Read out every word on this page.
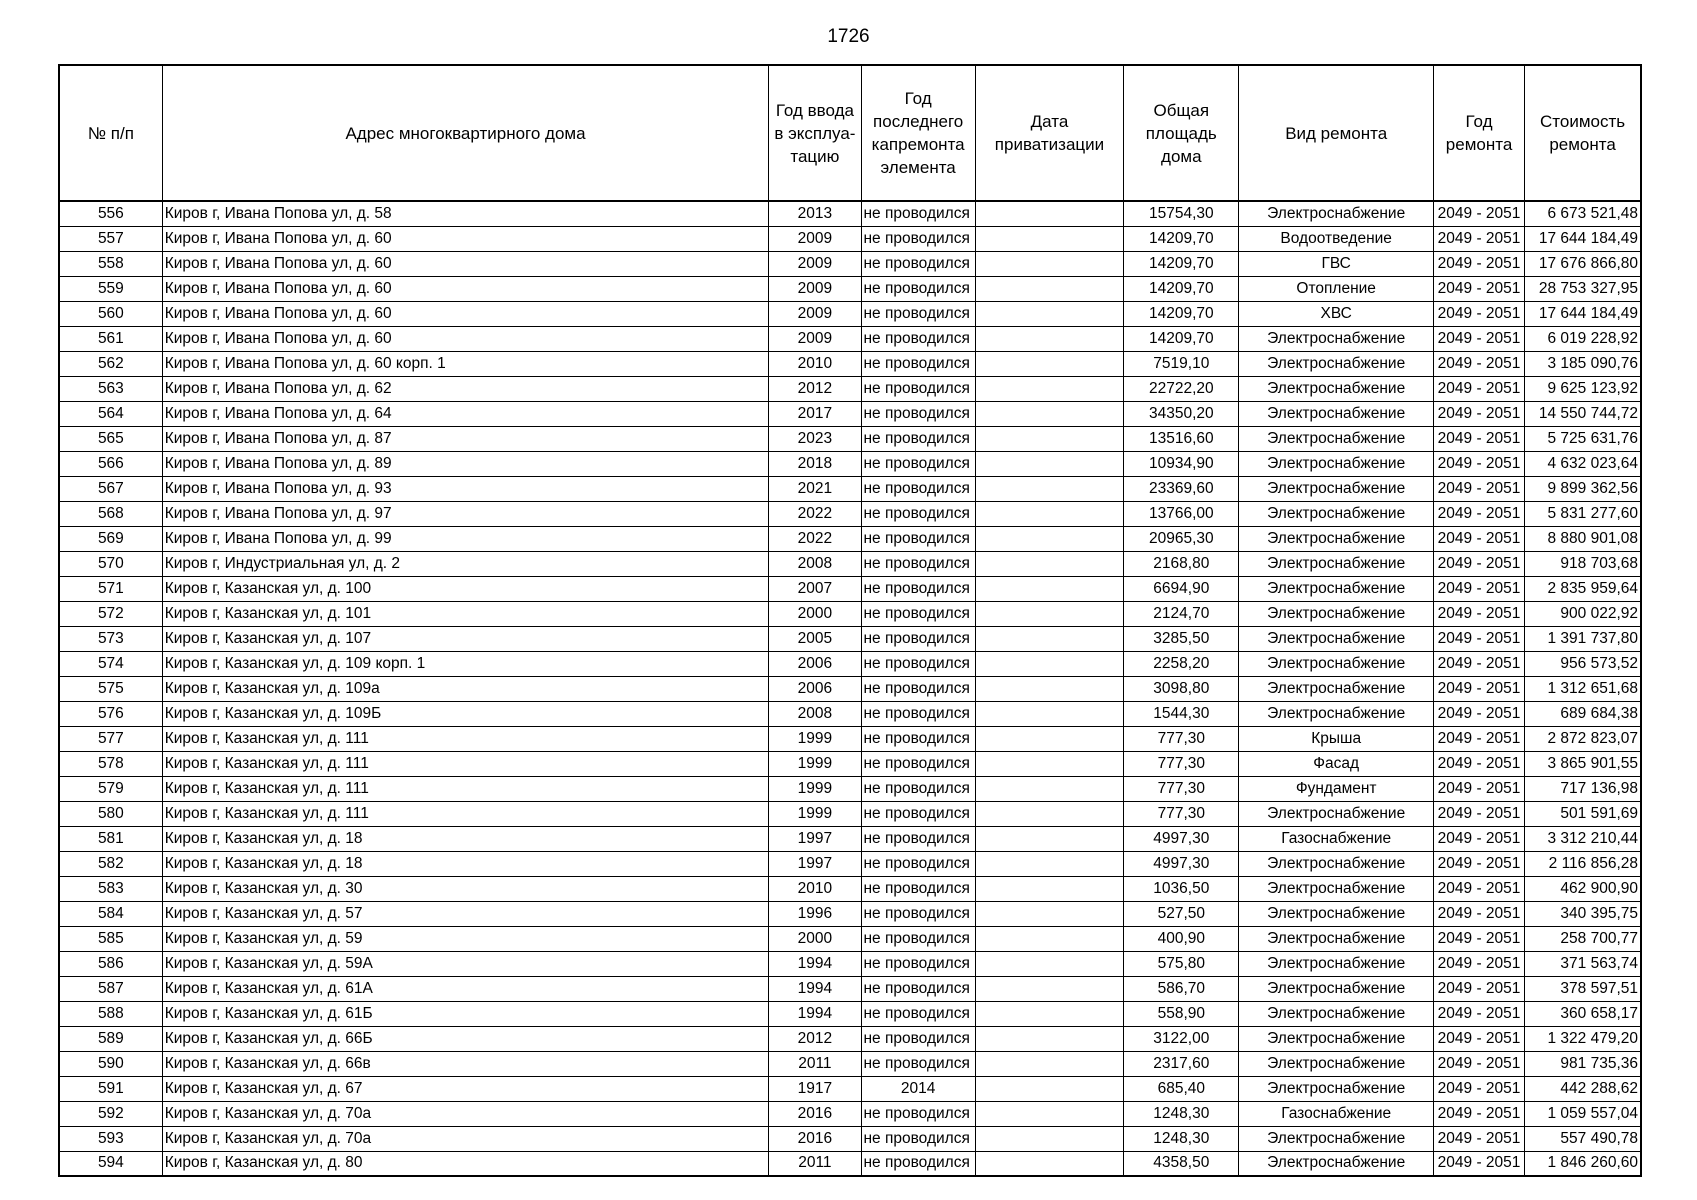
1726
№ п/п	Адрес многоквартирного дома	Год ввода в эксплуа-тацию	Год последнего капремонта элемента	Дата приватизации	Общая площадь дома	Вид ремонта	Год ремонта	Стоимость ремонта
556	Киров г, Ивана Попова ул, д. 58	2013	не проводился		15754,30	Электроснабжение	2049 - 2051	6 673 521,48
557	Киров г, Ивана Попова ул, д. 60	2009	не проводился		14209,70	Водоотведение	2049 - 2051	17 644 184,49
558	Киров г, Ивана Попова ул, д. 60	2009	не проводился		14209,70	ГВС	2049 - 2051	17 676 866,80
559	Киров г, Ивана Попова ул, д. 60	2009	не проводился		14209,70	Отопление	2049 - 2051	28 753 327,95
560	Киров г, Ивана Попова ул, д. 60	2009	не проводился		14209,70	ХВС	2049 - 2051	17 644 184,49
561	Киров г, Ивана Попова ул, д. 60	2009	не проводился		14209,70	Электроснабжение	2049 - 2051	6 019 228,92
562	Киров г, Ивана Попова ул, д. 60 корп. 1	2010	не проводился		7519,10	Электроснабжение	2049 - 2051	3 185 090,76
563	Киров г, Ивана Попова ул, д. 62	2012	не проводился		22722,20	Электроснабжение	2049 - 2051	9 625 123,92
564	Киров г, Ивана Попова ул, д. 64	2017	не проводился		34350,20	Электроснабжение	2049 - 2051	14 550 744,72
565	Киров г, Ивана Попова ул, д. 87	2023	не проводился		13516,60	Электроснабжение	2049 - 2051	5 725 631,76
566	Киров г, Ивана Попова ул, д. 89	2018	не проводился		10934,90	Электроснабжение	2049 - 2051	4 632 023,64
567	Киров г, Ивана Попова ул, д. 93	2021	не проводился		23369,60	Электроснабжение	2049 - 2051	9 899 362,56
568	Киров г, Ивана Попова ул, д. 97	2022	не проводился		13766,00	Электроснабжение	2049 - 2051	5 831 277,60
569	Киров г, Ивана Попова ул, д. 99	2022	не проводился		20965,30	Электроснабжение	2049 - 2051	8 880 901,08
570	Киров г, Индустриальная ул, д. 2	2008	не проводился		2168,80	Электроснабжение	2049 - 2051	918 703,68
571	Киров г, Казанская ул, д. 100	2007	не проводился		6694,90	Электроснабжение	2049 - 2051	2 835 959,64
572	Киров г, Казанская ул, д. 101	2000	не проводился		2124,70	Электроснабжение	2049 - 2051	900 022,92
573	Киров г, Казанская ул, д. 107	2005	не проводился		3285,50	Электроснабжение	2049 - 2051	1 391 737,80
574	Киров г, Казанская ул, д. 109 корп. 1	2006	не проводился		2258,20	Электроснабжение	2049 - 2051	956 573,52
575	Киров г, Казанская ул, д. 109а	2006	не проводился		3098,80	Электроснабжение	2049 - 2051	1 312 651,68
576	Киров г, Казанская ул, д. 109Б	2008	не проводился		1544,30	Электроснабжение	2049 - 2051	689 684,38
577	Киров г, Казанская ул, д. 111	1999	не проводился		777,30	Крыша	2049 - 2051	2 872 823,07
578	Киров г, Казанская ул, д. 111	1999	не проводился		777,30	Фасад	2049 - 2051	3 865 901,55
579	Киров г, Казанская ул, д. 111	1999	не проводился		777,30	Фундамент	2049 - 2051	717 136,98
580	Киров г, Казанская ул, д. 111	1999	не проводился		777,30	Электроснабжение	2049 - 2051	501 591,69
581	Киров г, Казанская ул, д. 18	1997	не проводился		4997,30	Газоснабжение	2049 - 2051	3 312 210,44
582	Киров г, Казанская ул, д. 18	1997	не проводился		4997,30	Электроснабжение	2049 - 2051	2 116 856,28
583	Киров г, Казанская ул, д. 30	2010	не проводился		1036,50	Электроснабжение	2049 - 2051	462 900,90
584	Киров г, Казанская ул, д. 57	1996	не проводился		527,50	Электроснабжение	2049 - 2051	340 395,75
585	Киров г, Казанская ул, д. 59	2000	не проводился		400,90	Электроснабжение	2049 - 2051	258 700,77
586	Киров г, Казанская ул, д. 59А	1994	не проводился		575,80	Электроснабжение	2049 - 2051	371 563,74
587	Киров г, Казанская ул, д. 61А	1994	не проводился		586,70	Электроснабжение	2049 - 2051	378 597,51
588	Киров г, Казанская ул, д. 61Б	1994	не проводился		558,90	Электроснабжение	2049 - 2051	360 658,17
589	Киров г, Казанская ул, д. 66Б	2012	не проводился		3122,00	Электроснабжение	2049 - 2051	1 322 479,20
590	Киров г, Казанская ул, д. 66в	2011	не проводился		2317,60	Электроснабжение	2049 - 2051	981 735,36
591	Киров г, Казанская ул, д. 67	1917	2014		685,40	Электроснабжение	2049 - 2051	442 288,62
592	Киров г, Казанская ул, д. 70а	2016	не проводился		1248,30	Газоснабжение	2049 - 2051	1 059 557,04
593	Киров г, Казанская ул, д. 70а	2016	не проводился		1248,30	Электроснабжение	2049 - 2051	557 490,78
594	Киров г, Казанская ул, д. 80	2011	не проводился		4358,50	Электроснабжение	2049 - 2051	1 846 260,60
